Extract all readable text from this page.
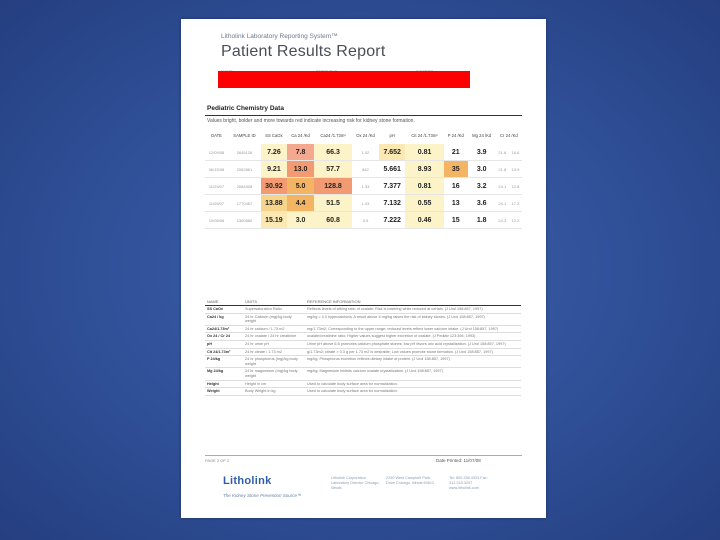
Litholink Laboratory Reporting System™
Patient Results Report
Pediatric Chemistry Data
Values bright, bolder and more towards red indicate increasing risk for kidney stone formation.
DATE	SAMPLE ID	SS CaOx	Ca 24 /Kd	Ca24 /1.73m²	Ox 24 /Kd	pH	Cit 24 /1.73m²	P 24 /Kd	Mg 24 /Kd	Cr 24 /Kd	
12/09/08	2645126	7.26	7.8	66.3	1.02	7.652	0.81	21	3.9	21.6	16.6
06/15/08	2062861	9.21	13.0	57.7	842	5.661	8.93	35	3.0	21.8	13.9
11/29/07	2084908	30.92	5.0	128.8	1.33	7.377	0.81	16	3.2	24.1	12.8
11/09/07	1770467	13.88	4.4	51.5	1.03	7.132	0.55	13	3.6	24.1	17.2
10/06/06	1360880	15.19	3.0	60.8	9.5	7.222	0.46	15	1.8	24.3	12.2
NAME	UNITS	REFERENCE INFORMATION
SS CaOx	Supersaturation Ratio	Reflects levels of willing ratio of oxalate; Risk is lowering while reduced at certain. (J Urol 158:857, 1997)
Ca24 / kg	24 hr Calcium (mg)/kg body weight	mg/kg > 4.0 hypercalciuria; A result above 4 mg/kg raises the risk of kidney stones. (J Urol 158:857, 1997)
Ca24/1.73m²	24 hr calcium / 1.73 m2	mg/1.73m2; Corresponding to the upper range; reduced levels reflect lower calcium intake. (J Urol 158:857, 1997)
Ox 24 / Cr 24	24 hr oxalate / 24 hr creatinine	oxalate/creatinine ratio; Higher values suggest higher excretion of oxalate. (J Pediatr 123:394, 1993)
pH	24 hr urine pH	Urine pH above 6.5 promotes calcium phosphate stones; low pH favors uric acid crystallization. (J Urol 158:857, 1997)
Cit 24/1.73m²	24 hr citrate / 1.73 m2	g/1.73m2; citrate > 0.3 g per 1.73 m2 is desirable; Low values promote stone formation. (J Urol 158:857, 1997)
P 24/kg	24 hr phosphorus (mg)/kg body weight	mg/kg; Phosphorus excretion reflects dietary intake of protein. (J Urol 158:857, 1997)
Mg 24/kg	24 hr magnesium (mg)/kg body weight	mg/kg; Magnesium inhibits calcium oxalate crystallization. (J Urol 158:857, 1997)
Height	Height in cm	Used to calculate body surface area for normalization.
Weight	Body Weight in kg	Used to calculate body surface area for normalization.
PAGE 2 OF 2	Date Printed: 11/07/08
Litholink
The Kidney Stone Prevention Source™
Litholink Corporation Laboratory Director Chicago, Illinois
2250 West Campbell Park Drive Chicago, Illinois 60612
Tel: 800.338.4333 Fax: 312.243.3297 www.litholink.com
